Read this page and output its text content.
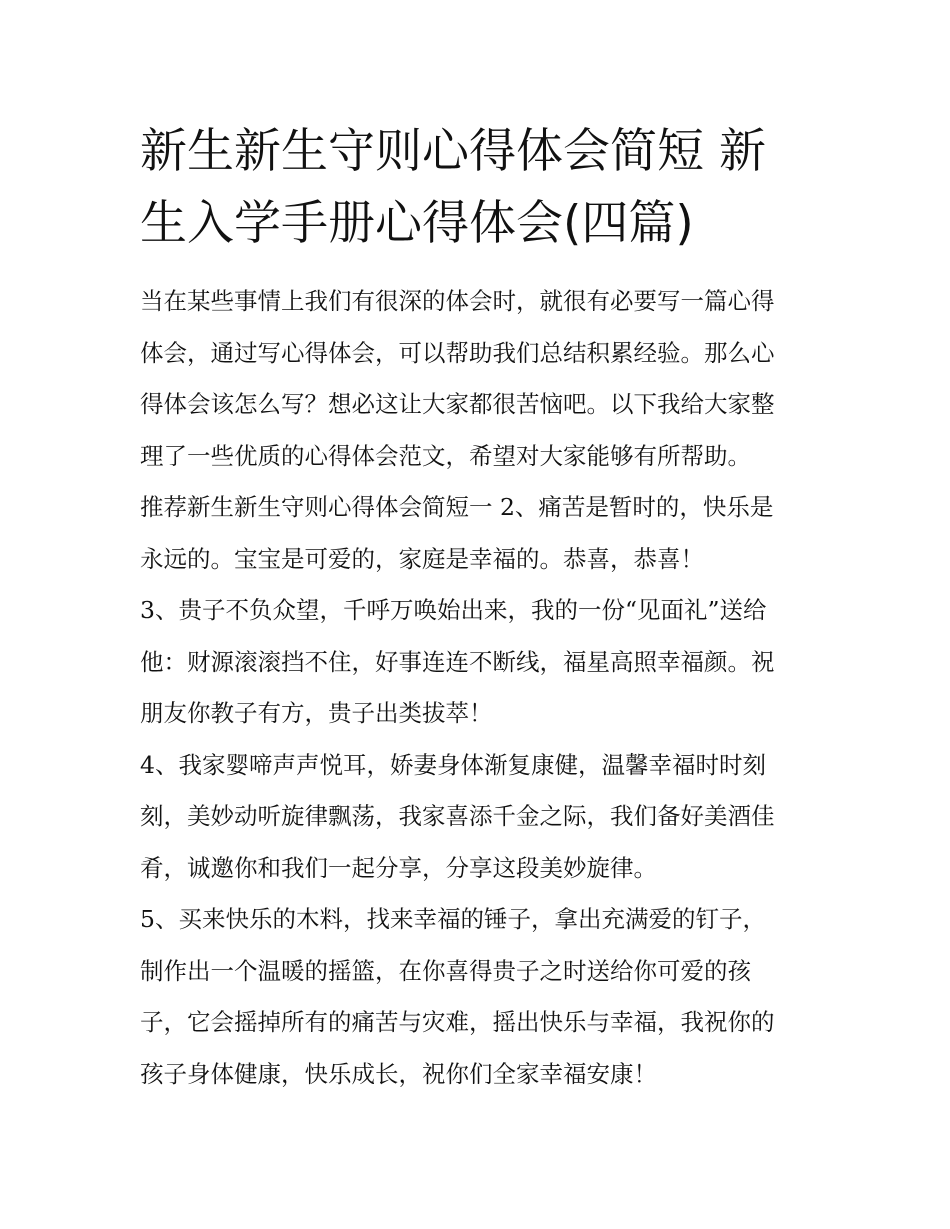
新生新生守则心得体会简短 新
生入学手册心得体会(四篇)
当在某些事情上我们有很深的体会时，就很有必要写一篇心得
体会，通过写心得体会，可以帮助我们总结积累经验。那么心
得体会该怎么写？想必这让大家都很苦恼吧。以下我给大家整
理了一些优质的心得体会范文，希望对大家能够有所帮助。
推荐新生新生守则心得体会简短一 2、痛苦是暂时的，快乐是
永远的。宝宝是可爱的，家庭是幸福的。恭喜，恭喜！
3、贵子不负众望，千呼万唤始出来，我的一份“见面礼”送给
他：财源滚滚挡不住，好事连连不断线，福星高照幸福颜。祝
朋友你教子有方，贵子出类拔萃！
4、我家婴啼声声悦耳，娇妻身体渐复康健，温馨幸福时时刻
刻，美妙动听旋律飘荡，我家喜添千金之际，我们备好美酒佳
肴，诚邀你和我们一起分享，分享这段美妙旋律。
5、买来快乐的木料，找来幸福的锤子，拿出充满爱的钉子，
制作出一个温暖的摇篮，在你喜得贵子之时送给你可爱的孩
子，它会摇掉所有的痛苦与灾难，摇出快乐与幸福，我祝你的
孩子身体健康，快乐成长，祝你们全家幸福安康！
